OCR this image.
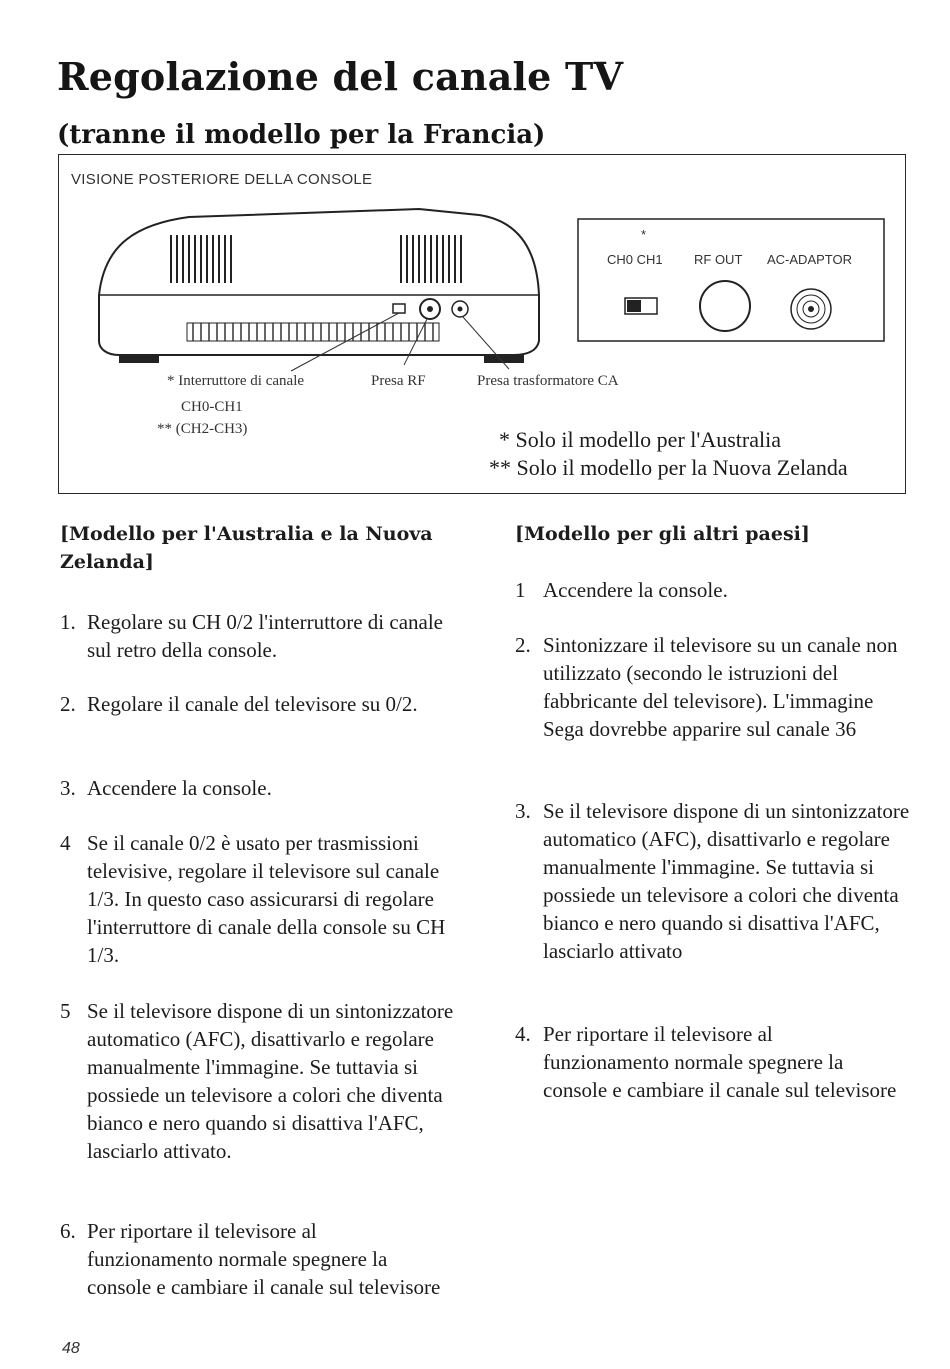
Regolazione del canale TV
(tranne il modello per la Francia)
VISIONE POSTERIORE DELLA CONSOLE
*
CH0 CH1 RF OUT AC-ADAPTOR
* Interruttore di canale
CH0-CH1
** (CH2-CH3)
Presa RF	Presa trasformatore CA
* Solo il modello per l'Australia
** Solo il modello per la Nuova Zelanda

[Modello per l'Australia e la Nuova Zelanda]

1. Regolare su CH 0/2 l'interruttore di canale sul retro della console.
2. Regolare il canale del televisore su 0/2.
3. Accendere la console.
4 Se il canale 0/2 è usato per trasmissioni televisive, regolare il televisore sul canale 1/3. In questo caso assicurarsi di regolare l'interruttore di canale della console su CH 1/3.
5 Se il televisore dispone di un sintonizzatore automatico (AFC), disattivarlo e regolare manualmente l'immagine. Se tuttavia si possiede un televisore a colori che diventa bianco e nero quando si disattiva l'AFC, lasciarlo attivato.
6. Per riportare il televisore al funzionamento normale spegnere la console e cambiare il canale sul televisore

[Modello per gli altri paesi]

1 Accendere la console.
2. Sintonizzare il televisore su un canale non utilizzato (secondo le istruzioni del fabbricante del televisore). L'immagine Sega dovrebbe apparire sul canale 36
3. Se il televisore dispone di un sintonizzatore automatico (AFC), disattivarlo e regolare manualmente l'immagine. Se tuttavia si possiede un televisore a colori che diventa bianco e nero quando si disattiva l'AFC, lasciarlo attivato
4. Per riportare il televisore al funzionamento normale spegnere la console e cambiare il canale sul televisore
48
